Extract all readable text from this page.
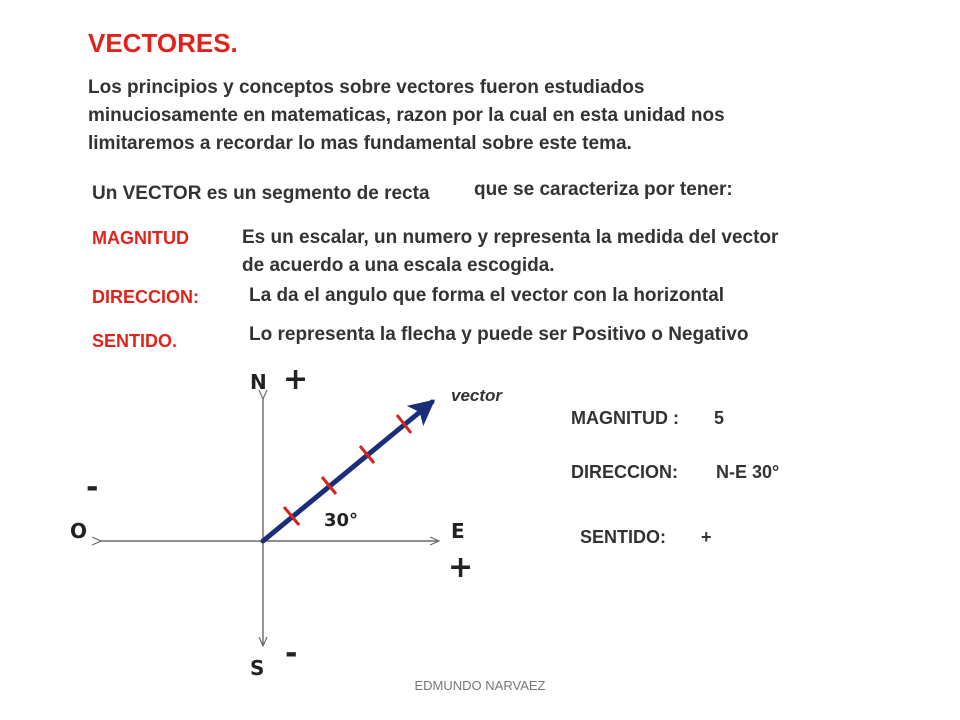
VECTORES.
Los principios y conceptos sobre vectores fueron estudiados minuciosamente en matematicas, razon por la cual en esta unidad nos limitaremos a recordar lo mas fundamental sobre este tema.
Un VECTOR es un segmento de recta que se caracteriza por tener:
MAGNITUD	Es un escalar, un numero y representa la medida del vector
de acuerdo a una escala escogida.
DIRECCION:	La da el angulo que forma el vector con la horizontal
SENTIDO.	Lo representa la flecha y puede ser Positivo o Negativo
N +
S -
O
-
E
+
30°
vector
MAGNITUD : 5
DIRECCION: N-E 30°
SENTIDO: +
EDMUNDO NARVAEZ
